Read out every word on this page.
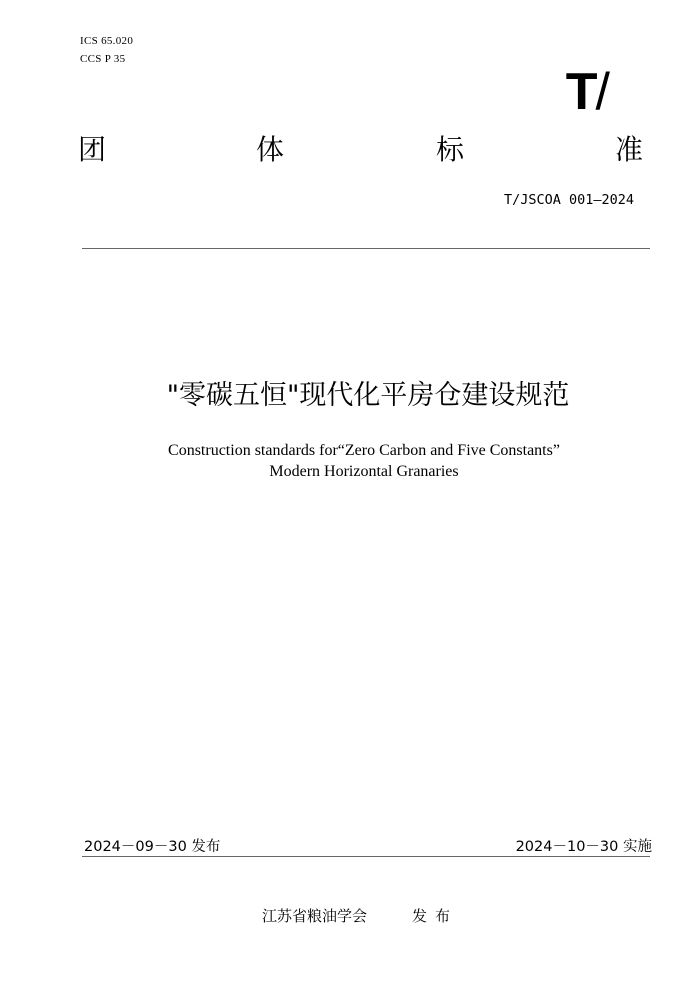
ICS 65.020
CCS P 35
T/
团	体	标	准
T/JSCOA 001—2024
"零碳五恒"现代化平房仓建设规范
Construction standards for“Zero Carbon and Five Constants”
Modern Horizontal Granaries
2024－09－30 发布	2024－10－30 实施
江苏省粮油学会	发布
